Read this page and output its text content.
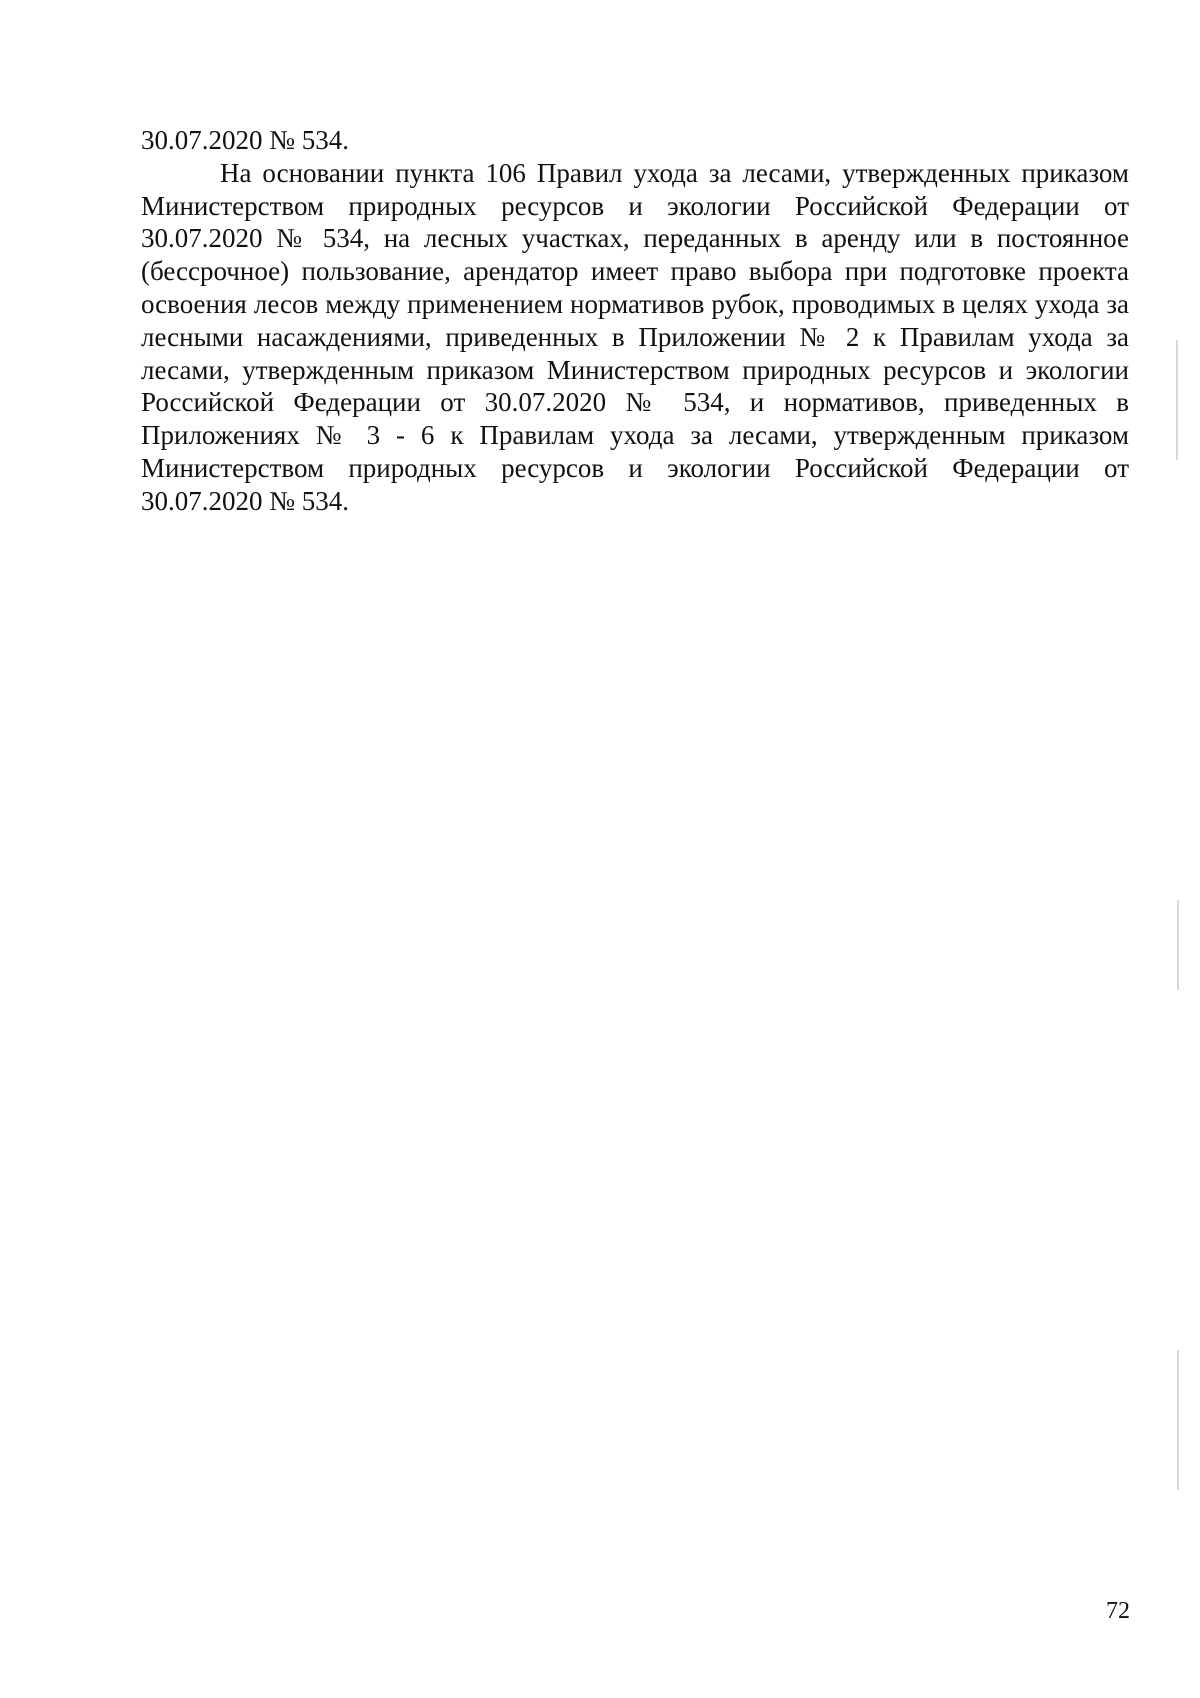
30.07.2020 № 534.

На основании пункта 106 Правил ухода за лесами, утвержденных приказом Министерством природных ресурсов и экологии Российской Федерации от 30.07.2020 № 534, на лесных участках, переданных в аренду или в постоянное (бессрочное) пользование, арендатор имеет право выбора при подготовке проекта освоения лесов между применением нормативов рубок, проводимых в целях ухода за лесными насаждениями, приведенных в Приложении № 2 к Правилам ухода за лесами, утвержденным приказом Министерством природных ресурсов и экологии Российской Федерации от 30.07.2020 № 534, и нормативов, приведенных в Приложениях № 3 - 6 к Правилам ухода за лесами, утвержденным приказом Министерством природных ресурсов и экологии Российской Федерации от 30.07.2020 № 534.

72
